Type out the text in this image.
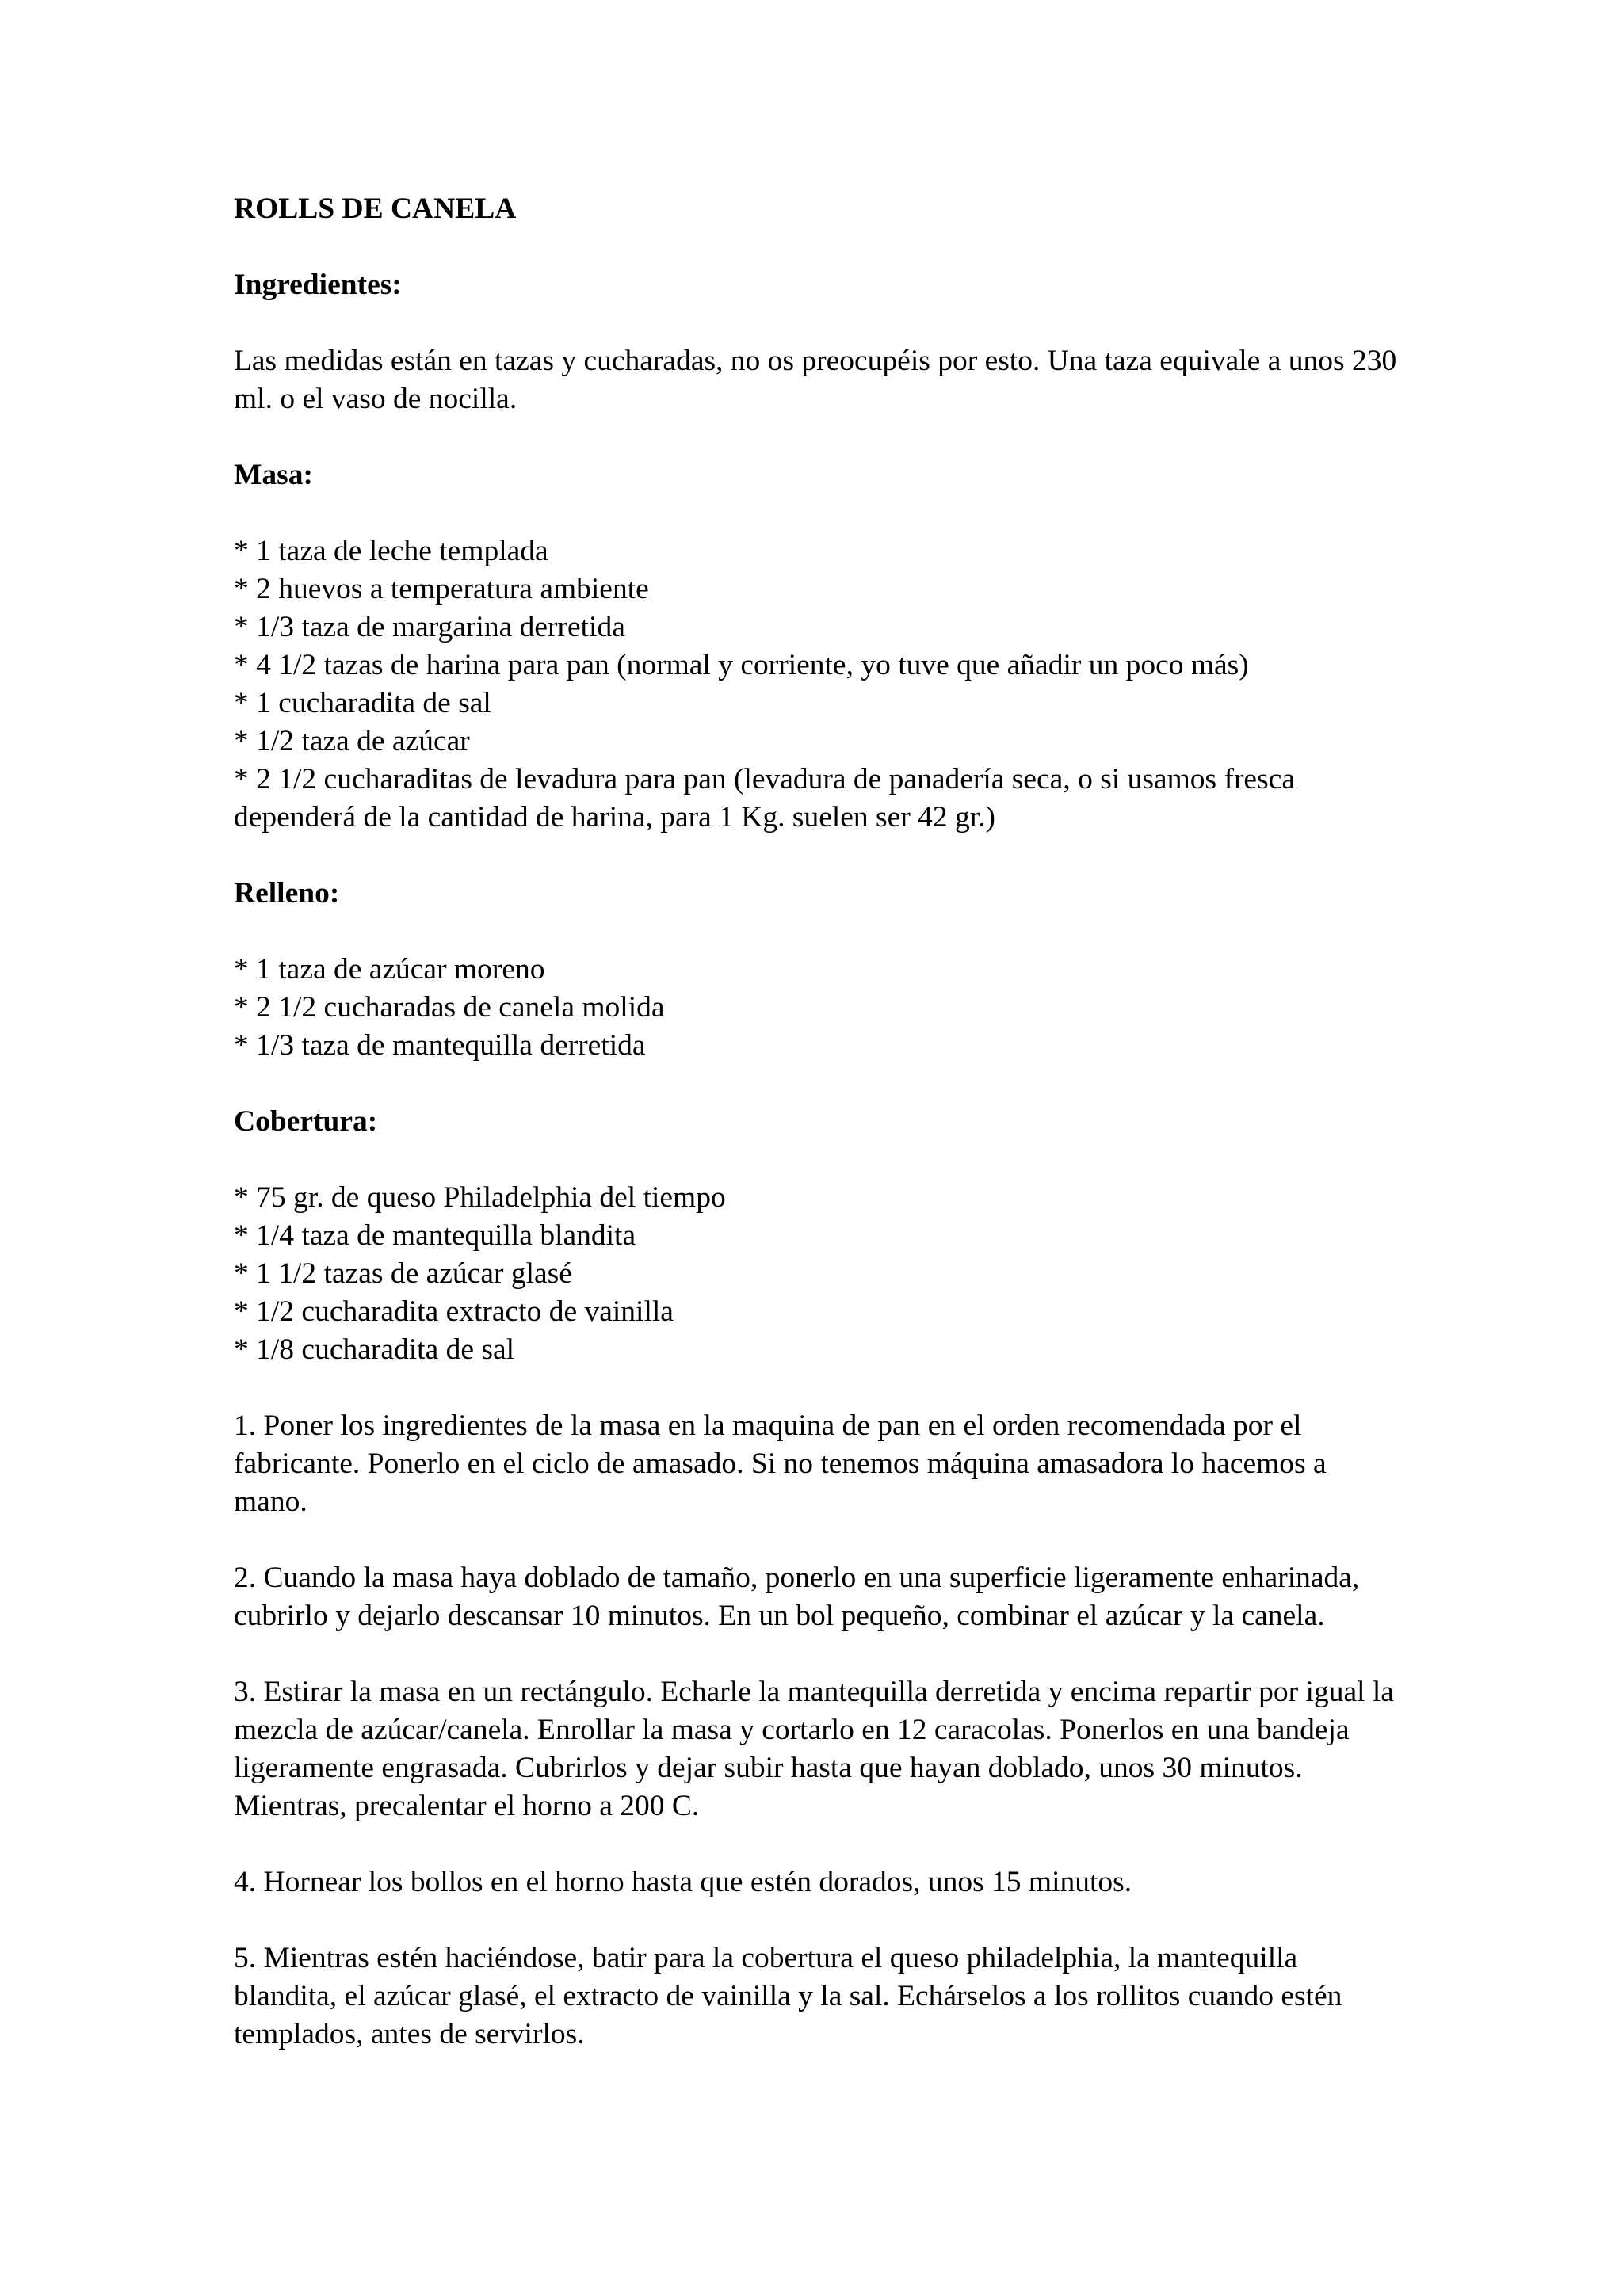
ROLLS DE CANELA

Ingredientes:

Las medidas están en tazas y cucharadas, no os preocupéis por esto. Una taza equivale a unos 230 ml. o el vaso de nocilla.

Masa:

* 1 taza de leche templada
* 2 huevos a temperatura ambiente
* 1/3 taza de margarina derretida
* 4 1/2 tazas de harina para pan (normal y corriente, yo tuve que añadir un poco más)
* 1 cucharadita de sal
* 1/2 taza de azúcar
* 2 1/2 cucharaditas de levadura para pan (levadura de panadería seca, o si usamos fresca dependerá de la cantidad de harina, para 1 Kg. suelen ser 42 gr.)

Relleno:

* 1 taza de azúcar moreno
* 2 1/2 cucharadas de canela molida
* 1/3 taza de mantequilla derretida

Cobertura:

* 75 gr. de queso Philadelphia del tiempo
* 1/4 taza de mantequilla blandita
* 1 1/2 tazas de azúcar glasé
* 1/2 cucharadita extracto de vainilla
* 1/8 cucharadita de sal

1. Poner los ingredientes de la masa en la maquina de pan en el orden recomendada por el fabricante. Ponerlo en el ciclo de amasado. Si no tenemos máquina amasadora lo hacemos a mano.

2. Cuando la masa haya doblado de tamaño, ponerlo en una superficie ligeramente enharinada, cubrirlo y dejarlo descansar 10 minutos. En un bol pequeño, combinar el azúcar y la canela.

3. Estirar la masa en un rectángulo. Echarle la mantequilla derretida y encima repartir por igual la mezcla de azúcar/canela. Enrollar la masa y cortarlo en 12 caracolas. Ponerlos en una bandeja ligeramente engrasada. Cubrirlos y dejar subir hasta que hayan doblado, unos 30 minutos. Mientras, precalentar el horno a 200 C.

4. Hornear los bollos en el horno hasta que estén dorados, unos 15 minutos.

5. Mientras estén haciéndose, batir para la cobertura el queso philadelphia, la mantequilla blandita, el azúcar glasé, el extracto de vainilla y la sal. Echárselos a los rollitos cuando estén templados, antes de servirlos.
